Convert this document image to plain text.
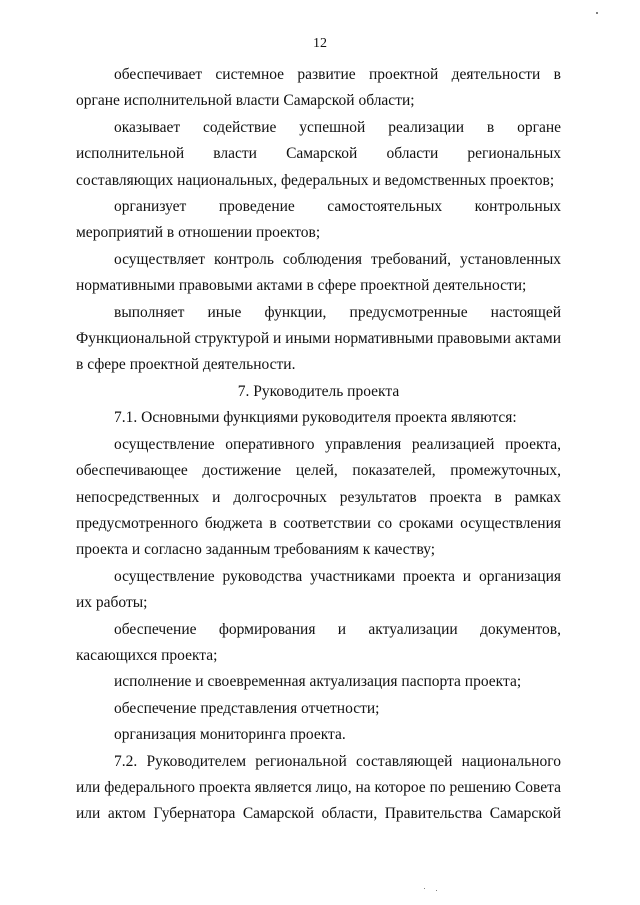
12

обеспечивает системное развитие проектной деятельности в органе исполнительной власти Самарской области;

оказывает содействие успешной реализации в органе исполнительной власти Самарской области региональных составляющих национальных, федеральных и ведомственных проектов;

организует проведение самостоятельных контрольных мероприятий в отношении проектов;

осуществляет контроль соблюдения требований, установленных нормативными правовыми актами в сфере проектной деятельности;

выполняет иные функции, предусмотренные настоящей Функциональной структурой и иными нормативными правовыми актами в сфере проектной деятельности.

7. Руководитель проекта

7.1. Основными функциями руководителя проекта являются:

осуществление оперативного управления реализацией проекта, обеспечивающее достижение целей, показателей, промежуточных, непосредственных и долгосрочных результатов проекта в рамках предусмотренного бюджета в соответствии со сроками осуществления проекта и согласно заданным требованиям к качеству;

осуществление руководства участниками проекта и организация их работы;

обеспечение формирования и актуализации документов, касающихся проекта;

исполнение и своевременная актуализация паспорта проекта;

обеспечение представления отчетности;

организация мониторинга проекта.

7.2. Руководителем региональной составляющей национального или федерального проекта является лицо, на которое по решению Совета или актом Губернатора Самарской области, Правительства Самарской
